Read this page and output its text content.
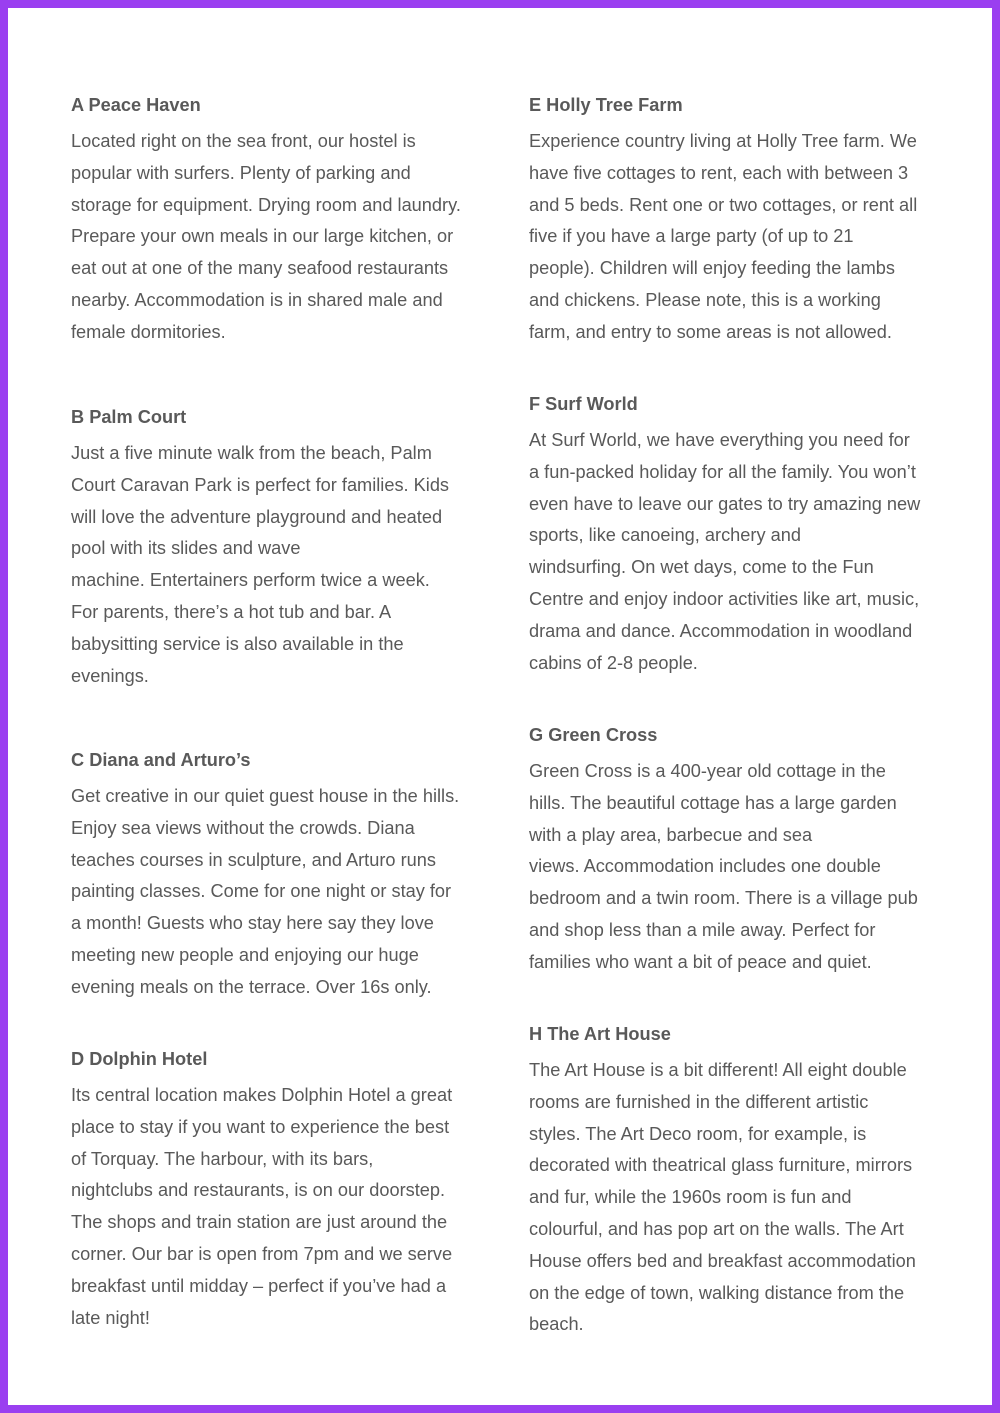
A Peace Haven

Located right on the sea front, our hostel is
popular with surfers. Plenty of parking and
storage for equipment. Drying room and laundry.
Prepare your own meals in our large kitchen, or
eat out at one of the many seafood restaurants
nearby. Accommodation is in shared male and
female dormitories.

B Palm Court

Just a five minute walk from the beach, Palm
Court Caravan Park is perfect for families. Kids
will love the adventure playground and heated
pool with its slides and wave
machine. Entertainers perform twice a week.
For parents, there’s a hot tub and bar. A
babysitting service is also available in the
evenings.

C Diana and Arturo’s

Get creative in our quiet guest house in the hills.
Enjoy sea views without the crowds. Diana
teaches courses in sculpture, and Arturo runs
painting classes. Come for one night or stay for
a month! Guests who stay here say they love
meeting new people and enjoying our huge
evening meals on the terrace. Over 16s only.

D Dolphin Hotel

Its central location makes Dolphin Hotel a great
place to stay if you want to experience the best
of Torquay. The harbour, with its bars,
nightclubs and restaurants, is on our doorstep.
The shops and train station are just around the
corner. Our bar is open from 7pm and we serve
breakfast until midday – perfect if you’ve had a
late night!

E Holly Tree Farm

Experience country living at Holly Tree farm. We
have five cottages to rent, each with between 3
and 5 beds. Rent one or two cottages, or rent all
five if you have a large party (of up to 21
people). Children will enjoy feeding the lambs
and chickens. Please note, this is a working
farm, and entry to some areas is not allowed.

F Surf World

At Surf World, we have everything you need for
a fun-packed holiday for all the family. You won’t
even have to leave our gates to try amazing new
sports, like canoeing, archery and
windsurfing. On wet days, come to the Fun
Centre and enjoy indoor activities like art, music,
drama and dance. Accommodation in woodland
cabins of 2-8 people.

G Green Cross

Green Cross is a 400-year old cottage in the
hills. The beautiful cottage has a large garden
with a play area, barbecue and sea
views. Accommodation includes one double
bedroom and a twin room. There is a village pub
and shop less than a mile away. Perfect for
families who want a bit of peace and quiet.

H The Art House

The Art House is a bit different! All eight double
rooms are furnished in the different artistic
styles. The Art Deco room, for example, is
decorated with theatrical glass furniture, mirrors
and fur, while the 1960s room is fun and
colourful, and has pop art on the walls. The Art
House offers bed and breakfast accommodation
on the edge of town, walking distance from the
beach.
